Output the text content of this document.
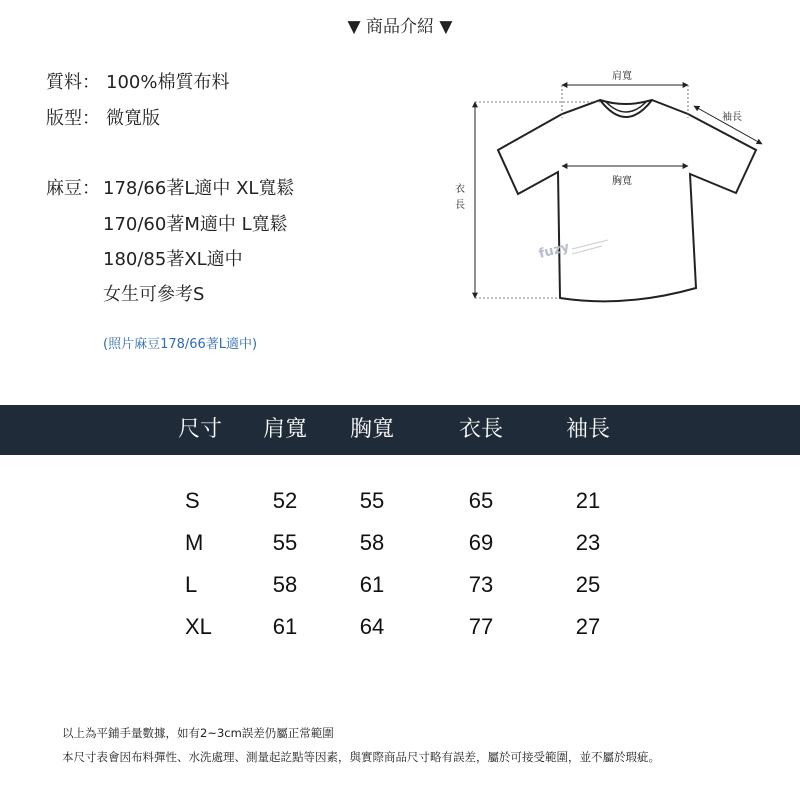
▼ 商品介紹 ▼
質料： 100%棉質布料
版型： 微寬版
麻豆： 178/66著L適中 XL寬鬆
170/60著M適中 L寬鬆
180/85著XL適中
女生可參考S
(照片麻豆178/66著L適中)
肩寬
袖長
胸寬
衣
長
fuzy
尺寸 肩寬 胸寬	衣長	袖長
S	52	55	65	21
M	55	58	69	23
L	58	61	73	25
XL	61	64	77	27
以上為平鋪手量數據，如有2~3cm誤差仍屬正常範圍
本尺寸表會因布料彈性、水洗處理、測量起訖點等因素，與實際商品尺寸略有誤差，屬於可接受範圍，並不屬於瑕疵。
